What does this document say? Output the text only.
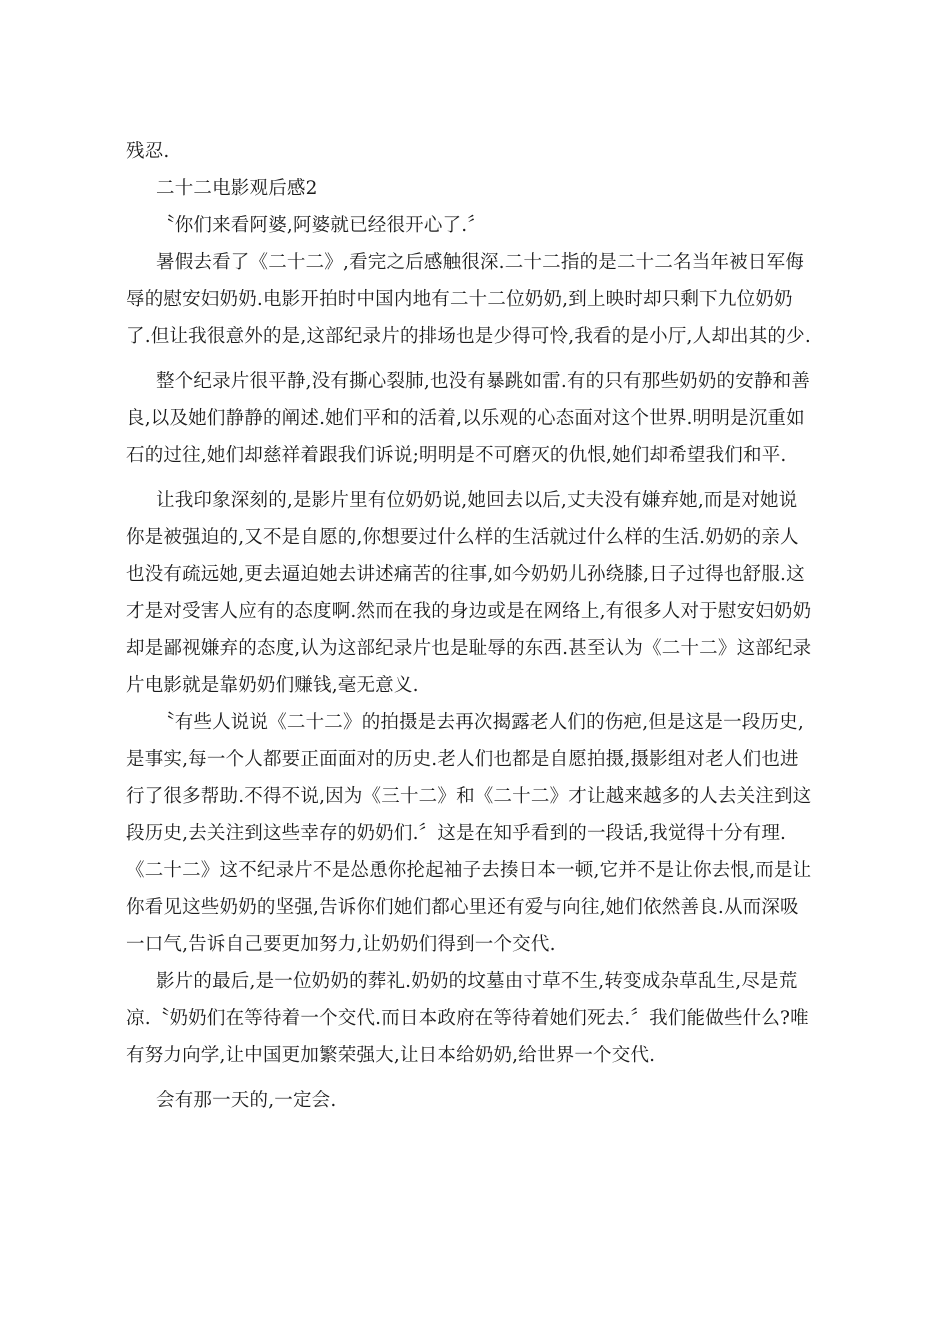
残忍.

二十二电影观后感2

〝你们来看阿婆,阿婆就已经很开心了.〞

暑假去看了《二十二》,看完之后感触很深.二十二指的是二十二名当年被日军侮辱的慰安妇奶奶.电影开拍时中国内地有二十二位奶奶,到上映时却只剩下九位奶奶了.但让我很意外的是,这部纪录片的排场也是少得可怜,我看的是小厅,人却出其的少.

整个纪录片很平静,没有撕心裂肺,也没有暴跳如雷.有的只有那些奶奶的安静和善良,以及她们静静的阐述.她们平和的活着,以乐观的心态面对这个世界.明明是沉重如石的过往,她们却慈祥着跟我们诉说;明明是不可磨灭的仇恨,她们却希望我们和平.

让我印象深刻的,是影片里有位奶奶说,她回去以后,丈夫没有嫌弃她,而是对她说你是被强迫的,又不是自愿的,你想要过什么样的生活就过什么样的生活.奶奶的亲人也没有疏远她,更去逼迫她去讲述痛苦的往事,如今奶奶儿孙绕膝,日子过得也舒服.这才是对受害人应有的态度啊.然而在我的身边或是在网络上,有很多人对于慰安妇奶奶却是鄙视嫌弃的态度,认为这部纪录片也是耻辱的东西.甚至认为《二十二》这部纪录片电影就是靠奶奶们赚钱,毫无意义.

〝有些人说说《二十二》的拍摄是去再次揭露老人们的伤疤,但是这是一段历史,是事实,每一个人都要正面面对的历史.老人们也都是自愿拍摄,摄影组对老人们也进行了很多帮助.不得不说,因为《三十二》和《二十二》才让越来越多的人去关注到这段历史,去关注到这些幸存的奶奶们.〞这是在知乎看到的一段话,我觉得十分有理.《二十二》这不纪录片不是怂恿你抡起袖子去揍日本一顿,它并不是让你去恨,而是让你看见这些奶奶的坚强,告诉你们她们都心里还有爱与向往,她们依然善良.从而深吸一口气,告诉自己要更加努力,让奶奶们得到一个交代.

影片的最后,是一位奶奶的葬礼.奶奶的坟墓由寸草不生,转变成杂草乱生,尽是荒凉.〝奶奶们在等待着一个交代.而日本政府在等待着她们死去.〞我们能做些什么?唯有努力向学,让中国更加繁荣强大,让日本给奶奶,给世界一个交代.

会有那一天的,一定会.
